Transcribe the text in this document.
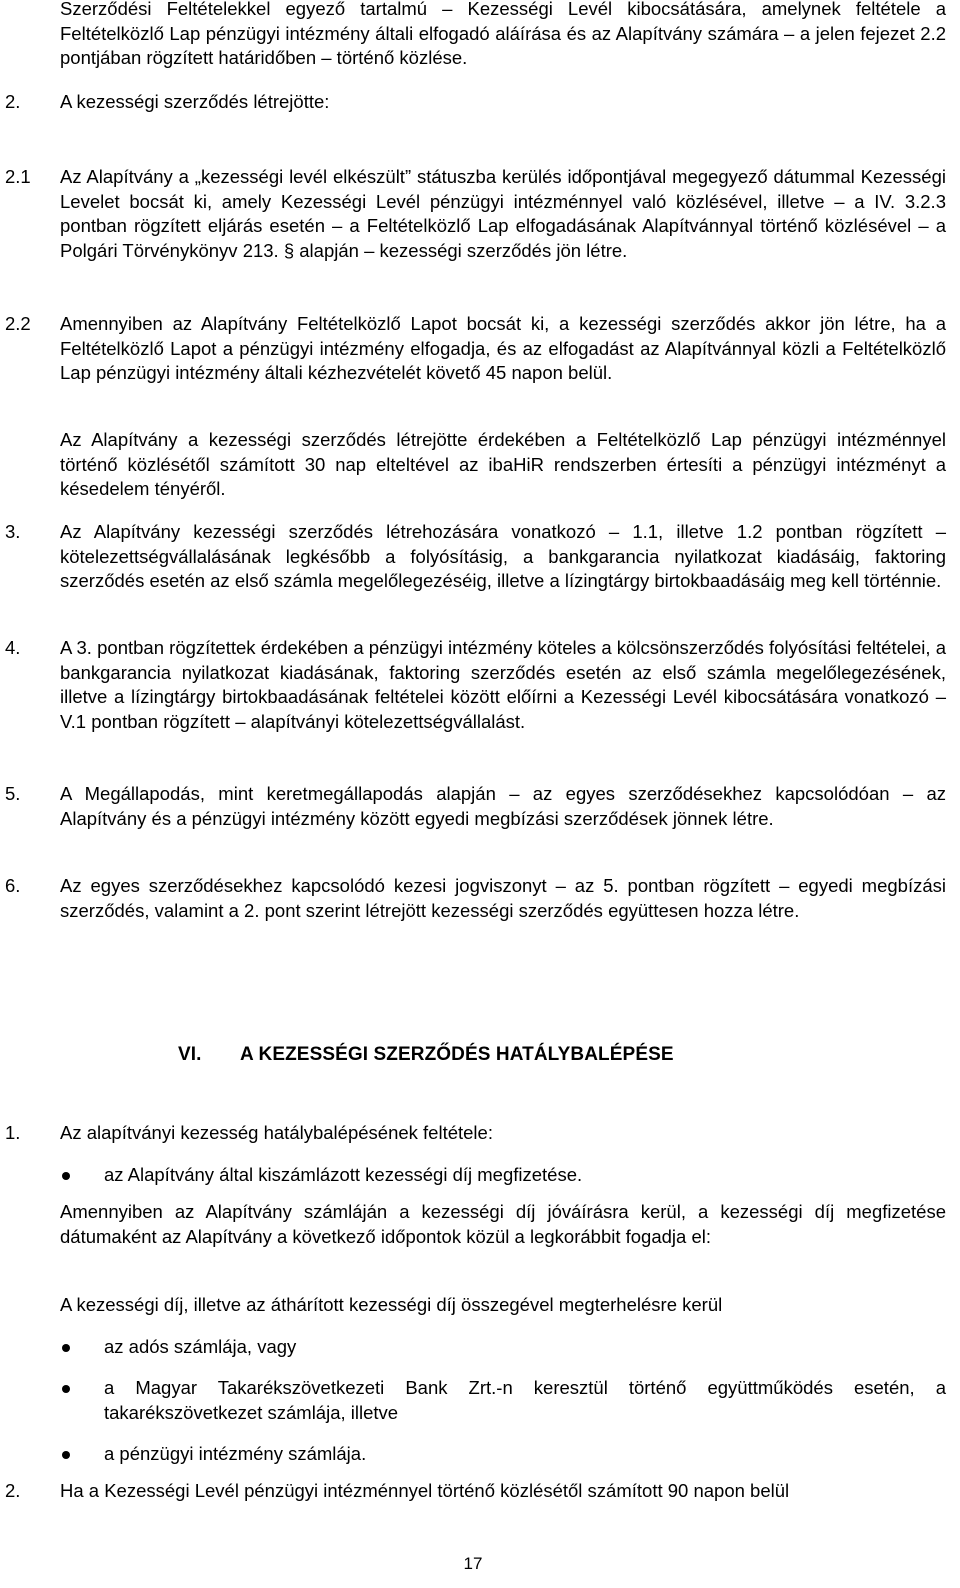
Szerződési Feltételekkel egyező tartalmú – Kezességi Levél kibocsátására, amelynek feltétele a Feltételközlő Lap pénzügyi intézmény általi elfogadó aláírása és az Alapítvány számára – a jelen fejezet 2.2 pontjában rögzített határidőben – történő közlése.
2.	A kezességi szerződés létrejötte:
2.1	Az Alapítvány a „kezességi levél elkészült” státuszba kerülés időpontjával megegyező dátummal Kezességi Levelet bocsát ki, amely Kezességi Levél pénzügyi intézménnyel való közlésével, illetve – a IV. 3.2.3 pontban rögzített eljárás esetén – a Feltételközlő Lap elfogadásának Alapítvánnyal történő közlésével – a Polgári Törvénykönyv 213. § alapján – kezességi szerződés jön létre.
2.2	Amennyiben az Alapítvány Feltételközlő Lapot bocsát ki, a kezességi szerződés akkor jön létre, ha a Feltételközlő Lapot a pénzügyi intézmény elfogadja, és az elfogadást az Alapítvánnyal közli a Feltételközlő Lap pénzügyi intézmény általi kézhezvételét követő 45 napon belül.
Az Alapítvány a kezességi szerződés létrejötte érdekében a Feltételközlő Lap pénzügyi intézménnyel történő közlésétől számított 30 nap elteltével az ibaHiR rendszerben értesíti a pénzügyi intézményt a késedelem tényéről.
3.	Az Alapítvány kezességi szerződés létrehozására vonatkozó – 1.1, illetve 1.2 pontban rögzített – kötelezettségvállalásának legkésőbb a folyósításig, a bankgarancia nyilatkozat kiadásáig, faktoring szerződés esetén az első számla megelőlegezéséig, illetve a lízingtárgy birtokbaadásáig meg kell történnie.
4.	A 3. pontban rögzítettek érdekében a pénzügyi intézmény köteles a kölcsönszerződés folyósítási feltételei, a bankgarancia nyilatkozat kiadásának, faktoring szerződés esetén az első számla megelőlegezésének, illetve a lízingtárgy birtokbaadásának feltételei között előírni a Kezességi Levél kibocsátására vonatkozó – V.1 pontban rögzített – alapítványi kötelezettségvállalást.
5.	A Megállapodás, mint keretmegállapodás alapján – az egyes szerződésekhez kapcsolódóan – az Alapítvány és a pénzügyi intézmény között egyedi megbízási szerződések jönnek létre.
6.	Az egyes szerződésekhez kapcsolódó kezesi jogviszonyt – az 5. pontban rögzített – egyedi megbízási szerződés, valamint a 2. pont szerint létrejött kezességi szerződés együttesen hozza létre.
VI. A KEZESSÉGI SZERZŐDÉS HATÁLYBALÉPÉSE
1.	Az alapítványi kezesség hatálybalépésének feltétele:
az Alapítvány által kiszámlázott kezességi díj megfizetése.
Amennyiben az Alapítvány számláján a kezességi díj jóváírásra kerül, a kezességi díj megfizetése dátumaként az Alapítvány a következő időpontok közül a legkorábbit fogadja el:
A kezességi díj, illetve az áthárított kezességi díj összegével megterhelésre kerül
az adós számlája, vagy
a Magyar Takarékszövetkezeti Bank Zrt.-n keresztül történő együttműködés esetén, a takarékszövetkezet számlája, illetve
a pénzügyi intézmény számlája.
2.	Ha a Kezességi Levél pénzügyi intézménnyel történő közlésétől számított 90 napon belül
17
